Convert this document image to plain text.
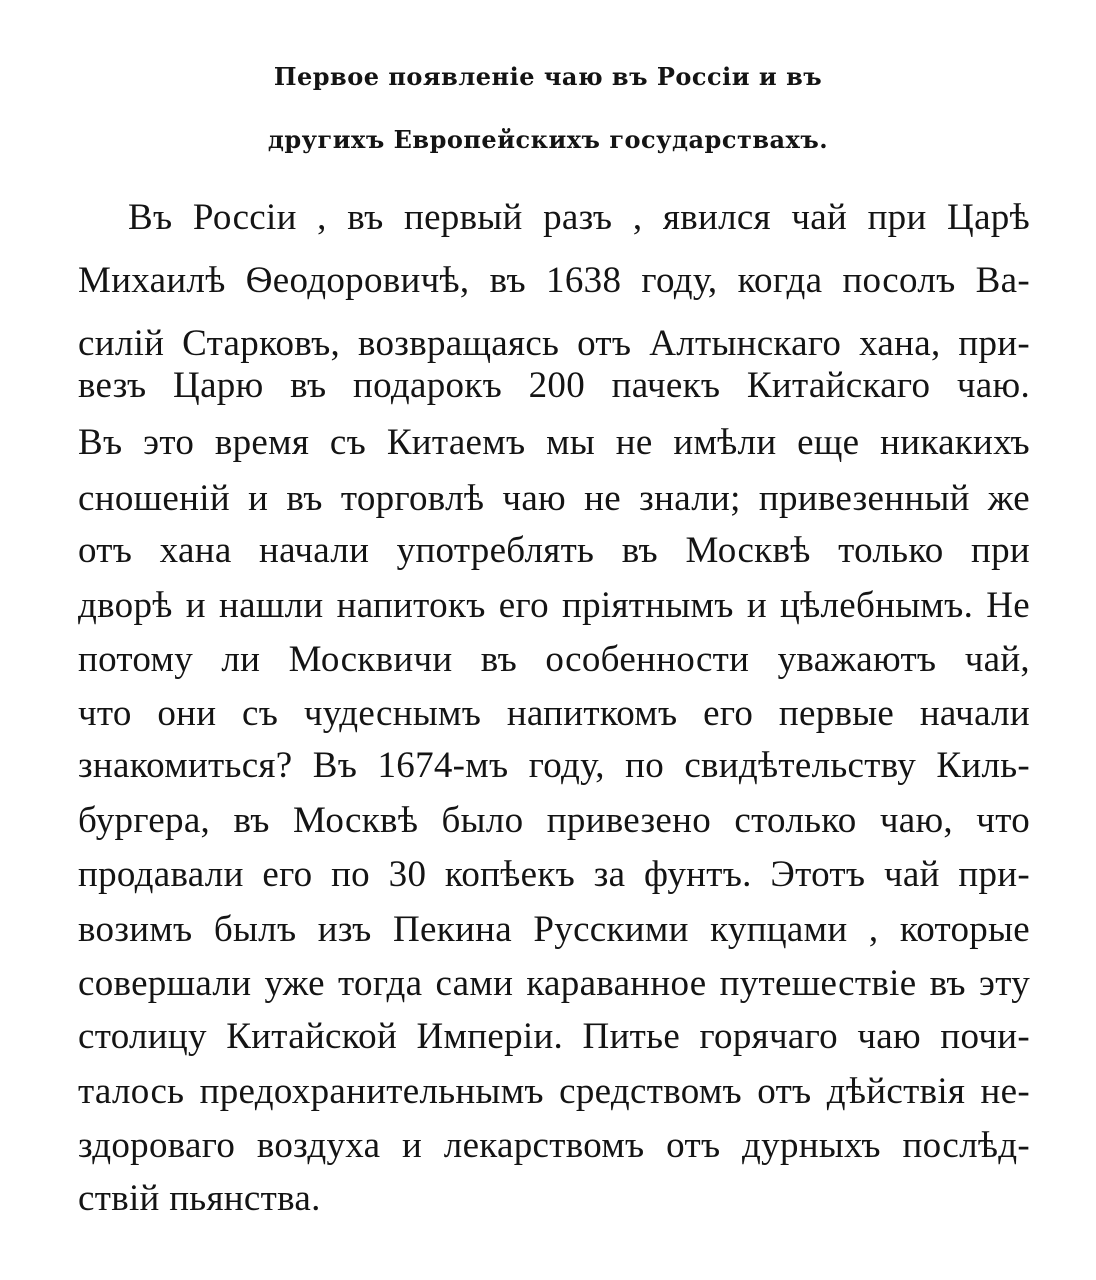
Первое появленіе чаю въ Россіи и въ
другихъ Европейскихъ государствахъ.
Въ Россіи , въ первый разъ , явился чай при Царѣ
Михаилѣ Ѳеодоровичѣ, въ 1638 году, когда посолъ Ва-
силій Старковъ, возвращаясь отъ Алтынскаго хана, при-
везъ Царю въ подарокъ 200 пачекъ Китайскаго чаю.
Въ это время съ Китаемъ мы не имѣли еще никакихъ
сношеній и въ торговлѣ чаю не знали; привезенный же
отъ хана начали употреблять въ Москвѣ только при
дворѣ и нашли напитокъ его пріятнымъ и цѣлебнымъ. Не
потому ли Москвичи въ особенности уважаютъ чай,
что они съ чудеснымъ напиткомъ его первые начали
знакомиться? Въ 1674-мъ году, по свидѣтельству Киль-
бургера, въ Москвѣ было привезено столько чаю, что
продавали его по 30 копѣекъ за фунтъ. Этотъ чай при-
возимъ былъ изъ Пекина Русскими купцами , которые
совершали уже тогда сами караванное путешествіе въ эту
столицу Китайской Имперіи. Питье горячаго чаю почи-
талось предохранительнымъ средствомъ отъ дѣйствія не-
здороваго воздуха и лекарствомъ отъ дурныхъ послѣд-
ствій пьянства.
